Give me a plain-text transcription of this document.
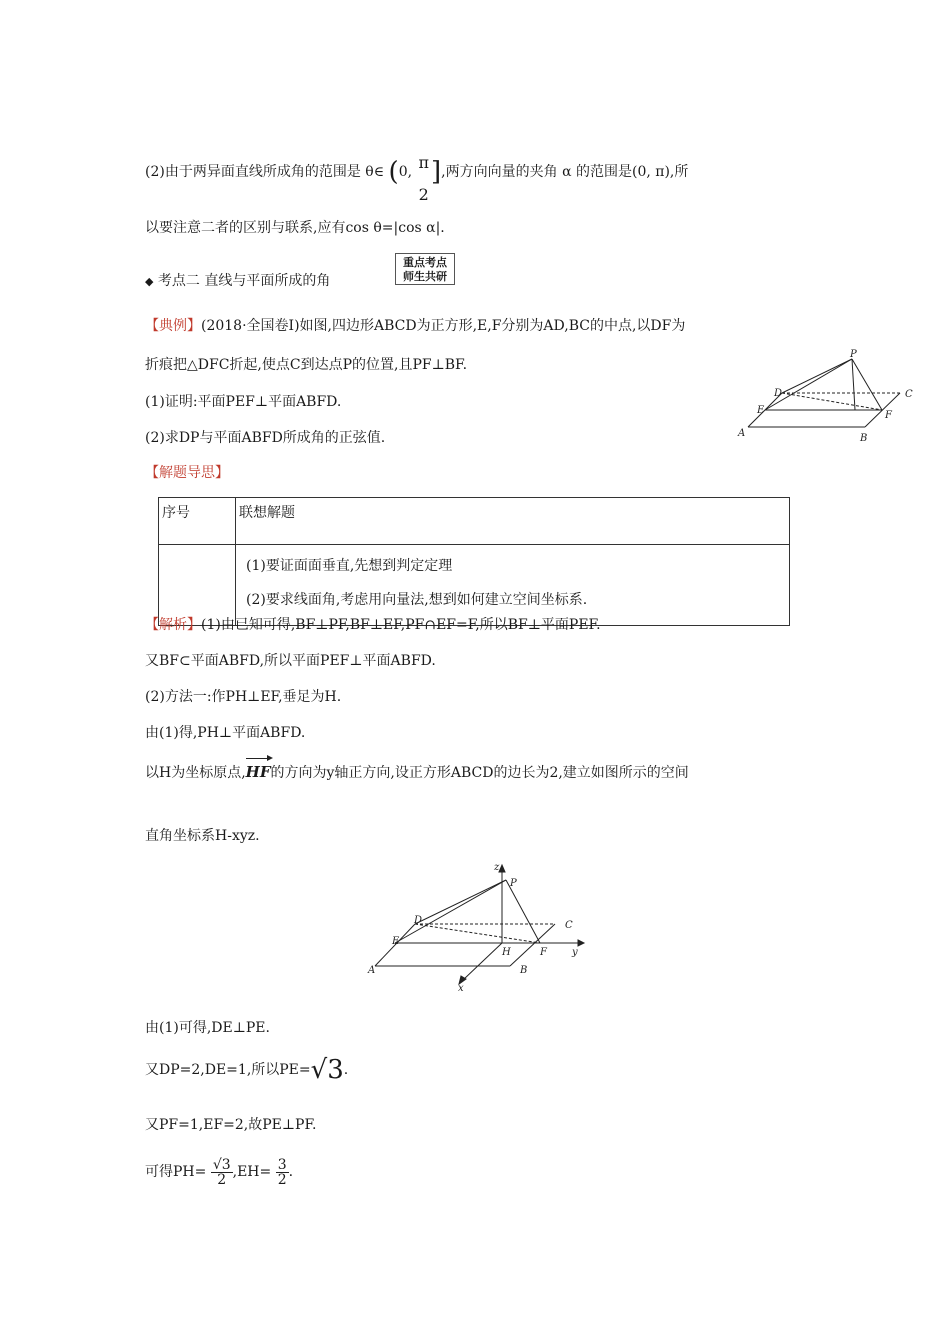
(2)由于两异面直线所成角的范围是 θ∈ (0, π
2
],两方向向量的夹角 α 的范围是(0, π),所
以要注意二者的区别与联系,应有cos θ=|cos α|.
◆ 考点二 直线与平面所成的角
重点考点
师生共研
【典例】(2018·全国卷Ⅰ)如图,四边形ABCD为正方形,E,F分别为AD,BC的中点,以DF为
折痕把△DFC折起,使点C到达点P的位置,且PF⊥BF.
(1)证明:平面PEF⊥平面ABFD.
(2)求DP与平面ABFD所成角的正弦值.
【解题导思】
P
D	C
E	F
A	B
序号	联想解题

	(1)要证面面垂直,先想到判定定理
(2)要求线面角,考虑用向量法,想到如何建立空间坐标系.
【解析】(1)由已知可得,BF⊥PF,BF⊥EF,PF∩EF=F,所以BF⊥平面PEF.
又BF⊂平面ABFD,所以平面PEF⊥平面ABFD.
(2)方法一:作PH⊥EF,垂足为H.
由(1)得,PH⊥平面ABFD.
以H为坐标原点,HF的方向为y轴正方向,设正方形ABCD的边长为2,建立如图所示的空间
直角坐标系H-xyz.
z
P
D	C
E
H	F	y
A	B
x
由(1)可得,DE⊥PE.
又DP=2,DE=1,所以PE=√3.
又PF=1,EF=2,故PE⊥PF.
可得$PH= \frac{√3}{2} ,EH= \frac{3}{2}$ .
